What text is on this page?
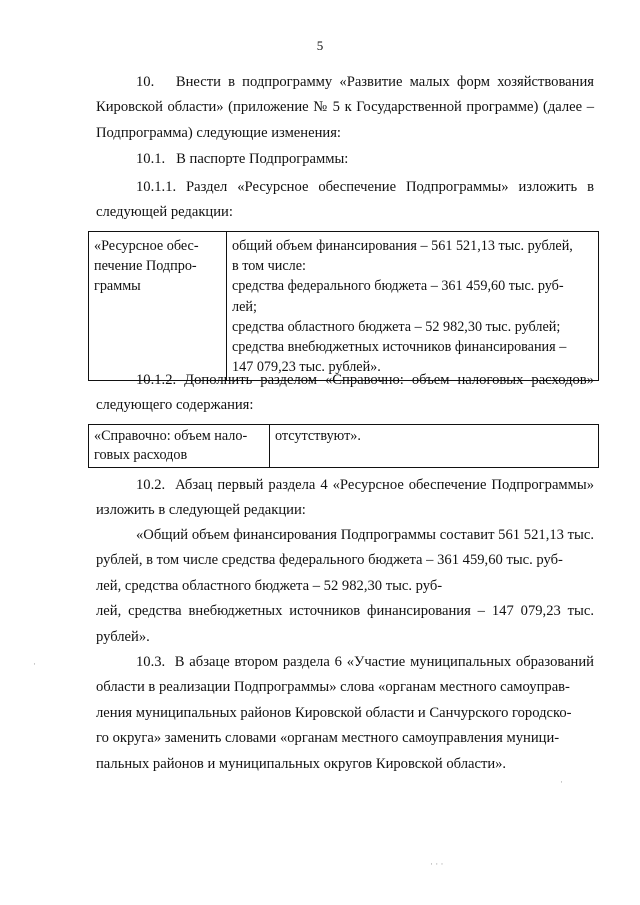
5

10.   Внести в подпрограмму «Развитие малых форм хозяйствования Кировской области» (приложение № 5 к Государственной программе) (далее – Подпрограмма) следующие изменения:

10.1.   В паспорте Подпрограммы:

10.1.1. Раздел «Ресурсное обеспечение Подпрограммы» изложить в следующей редакции:

«Ресурсное обес-
печение Подпро-
граммы	общий объем финансирования – 561 521,13 тыс. рублей,
в том числе:
средства федерального бюджета – 361 459,60 тыс. руб-
лей;
средства областного бюджета – 52 982,30 тыс. рублей;
средства внебюджетных источников финансирования –
147 079,23 тыс. рублей».

10.1.2. Дополнить разделом «Справочно: объем налоговых расходов» следующего содержания:

«Справочно: объем нало-
говых расходов	отсутствуют».

10.2.  Абзац первый раздела 4 «Ресурсное обеспечение Подпрограммы» изложить в следующей редакции:

«Общий объем финансирования Подпрограммы составит 561 521,13 тыс. рублей, в том числе средства федерального бюджета – 361 459,60 тыс. руб-
лей, средства областного бюджета – 52 982,30 тыс. руб-
лей, средства внебюджетных источников финансирования – 147 079,23 тыс. рублей».

10.3.  В абзаце втором раздела 6 «Участие муниципальных образований области в реализации Подпрограммы» слова «органам местного самоуправ-
ления муниципальных районов Кировской области и Санчурского городско-
го округа» заменить словами «органам местного самоуправления муници-
пальных районов и муниципальных округов Кировской области».

·
· · ·
·
